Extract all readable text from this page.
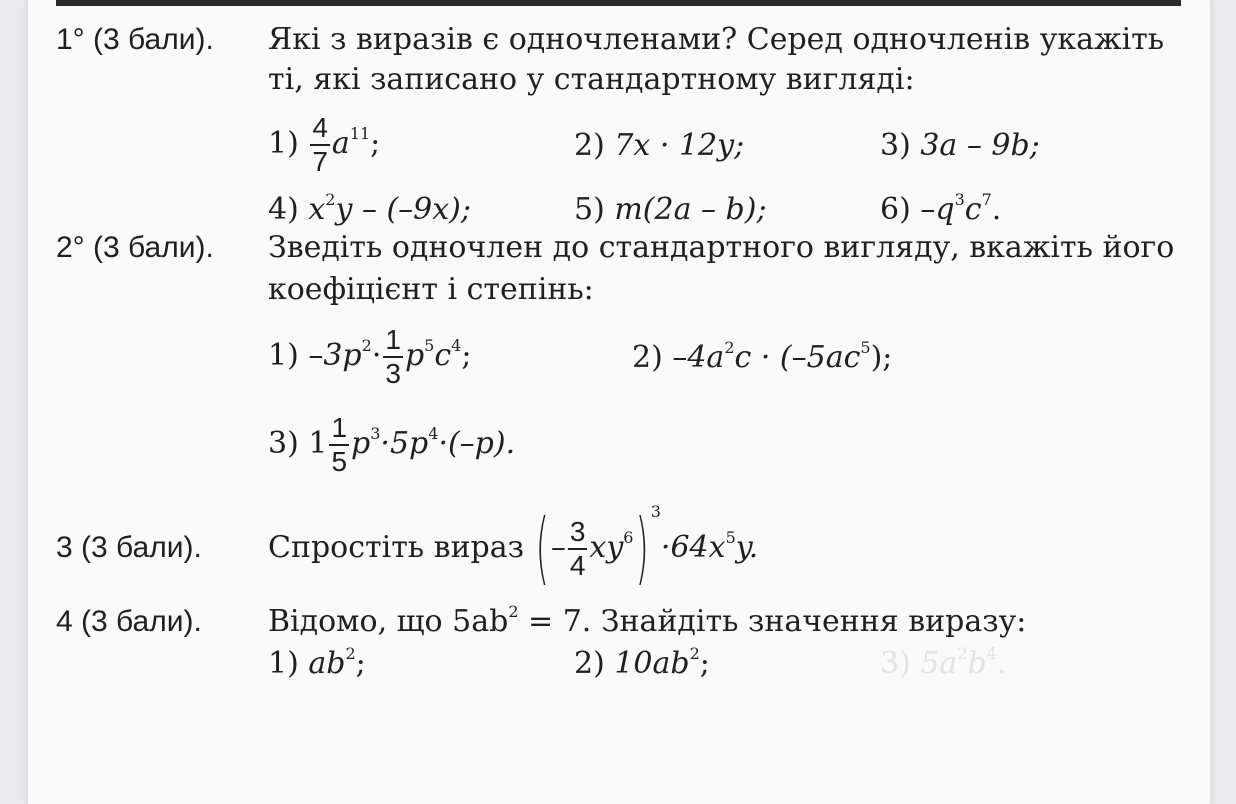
1° (3 бали). Які з виразів є одночленами? Серед одночленів укажіть
ті, які записано у стандартному вигляді:
$1) \frac{4}{7} a^{11}$;	2) 7x · 12y;	3) 3a – 9b;
4) $x^2y - (-9x)$;	5) m(2a – b);	6) $-q^3c^7$.
2° (3 бали). Зведіть одночлен до стандартного вигляду, вкажіть його
коефіцієнт і степінь:
1) $-3p^2\cdot \frac{1}{3} p^5c^4$;	2) $-4a^2c \cdot (-5ac^5)$;
3) $1 \frac{1}{5} p^3\cdot 5p^4\cdot(-p)$.
3 (3 бали). Спростіть вираз (– $\frac{3}{4} xy^6$) $^3\cdot 64x^5y$.
4 (3 бали). Відомо, що $5ab^2 = 7$. Знайдіть значення виразу:
1) $ab^2$;	2) $10ab^2$;	3) $5a^2b^4$.
